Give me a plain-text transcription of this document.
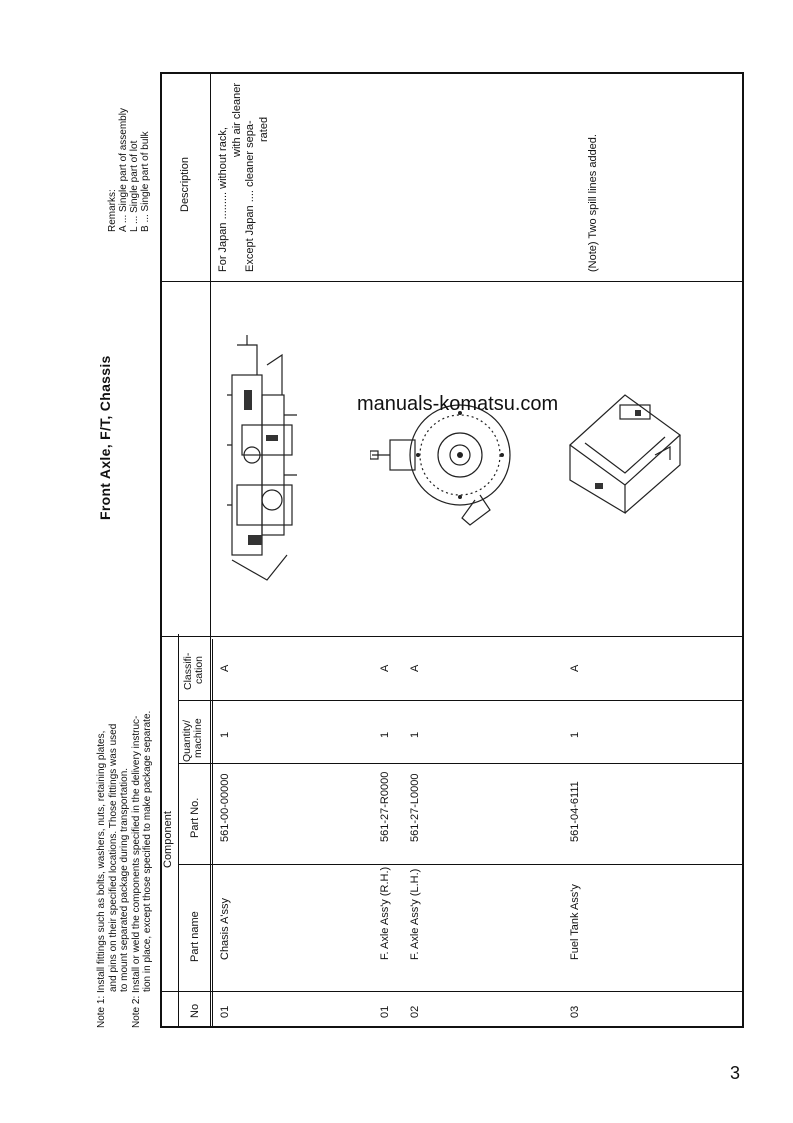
Note 1: Install fittings such as bolts, washers, nuts, retaining plates, and pins on their specified locations. Those fittings was used to mount separated package during transportation. Note 2: Install or weld the components specified in the delivery instruc- tion in place, except those specified to make package separate.
Remarks: A ... Single part of assembly L ... Single part of lot B ... Single part of bulk
Front Axle, F/T, Chassis
No
Component
Part name
Part No.
Quantity/ machine
Classifi- cation
Description
01
Chasis A'ssy
561-00-00000
1
A
01
F. Axle Ass'y (R.H.)
561-27-R0000
1
A
02
F. Axle Ass'y (L.H.)
561-27-L0000
1
A
03
Fuel Tank Ass'y
561-04-6111
1
A
For Japan ......... without rack,
with air cleaner
Except Japan .... cleaner sepa- rated
(Note) Two spill lines added.
manuals-komatsu.com
3
